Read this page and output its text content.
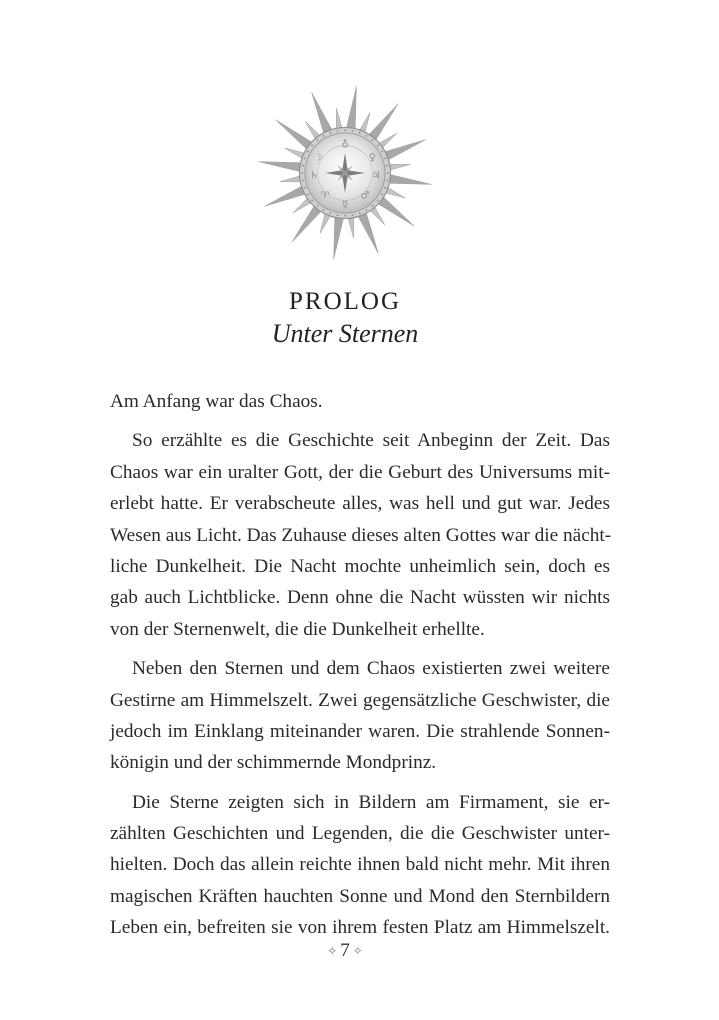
☽	♀
♄	♃
♈	♂
♁
☿
PROLOG
Unter Sternen
Am Anfang war das Chaos.
So erzählte es die Geschichte seit Anbeginn der Zeit. Das
Chaos war ein uralter Gott, der die Geburt des Universums mit-
erlebt hatte. Er verabscheute alles, was hell und gut war. Jedes
Wesen aus Licht. Das Zuhause dieses alten Gottes war die nächt-
liche Dunkelheit. Die Nacht mochte unheimlich sein, doch es
gab auch Lichtblicke. Denn ohne die Nacht wüssten wir nichts
von der Sternenwelt, die die Dunkelheit erhellte.
Neben den Sternen und dem Chaos existierten zwei weitere
Gestirne am Himmelszelt. Zwei gegensätzliche Geschwister, die
jedoch im Einklang miteinander waren. Die strahlende Sonnen-
königin und der schimmernde Mondprinz.
Die Sterne zeigten sich in Bildern am Firmament, sie er-
zählten Geschichten und Legenden, die die Geschwister unter-
hielten. Doch das allein reichte ihnen bald nicht mehr. Mit ihren
magischen Kräften hauchten Sonne und Mond den Sternbildern
Leben ein, befreiten sie von ihrem festen Platz am Himmelszelt.
✧ 7 ✧
